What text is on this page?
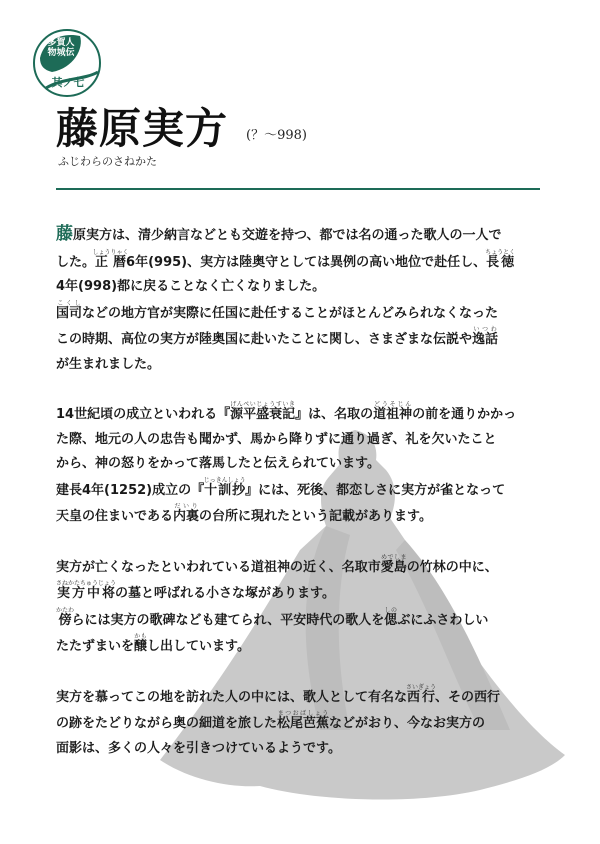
多賀人物城伝
其ノ七
藤原実方 (？～998)
ふじわらのさねかた

藤原実方は、清少納言などとも交遊を持つ、都では名の通った歌人の一人で

した。正暦しょうりゃく6年(995)、実方は陸奥守としては異例の高い地位で赴任し、長徳ちょうとく

4年(998)都に戻ることなく亡くなりました。

国司こくしなどの地方官が実際に任国に赴任することがほとんどみられなくなった

この時期、高位の実方が陸奥国に赴いたことに関し、さまざまな伝説や逸話いつわ

が生まれました。

14世紀頃の成立といわれる『源平盛衰記げんぺいじょうすいき』は、名取の道祖神どうそじんの前を通りかかっ

た際、地元の人の忠告も聞かず、馬から降りずに通り過ぎ、礼を欠いたこと

から、神の怒りをかって落馬したと伝えられています。

建長4年(1252)成立の『十訓抄じっきんしょう』には、死後、都恋しさに実方が雀となって

天皇の住まいである内裏だいりの台所に現れたという記載があります。

実方が亡くなったといわれている道祖神の近く、名取市愛島めでしまの竹林の中に、

実方中将さねかたちゅうじょうの墓と呼ばれる小さな塚があります。

傍かたわらには実方の歌碑なども建てられ、平安時代の歌人を偲しのぶにふさわしい

たたずまいを醸かもし出しています。

実方を慕ってこの地を訪れた人の中には、歌人として有名な西行さいぎょう、その西行

の跡をたどりながら奥の細道を旅した松尾芭蕉まつおばしょうなどがおり、今なお実方の

面影は、多くの人々を引きつけているようです。
